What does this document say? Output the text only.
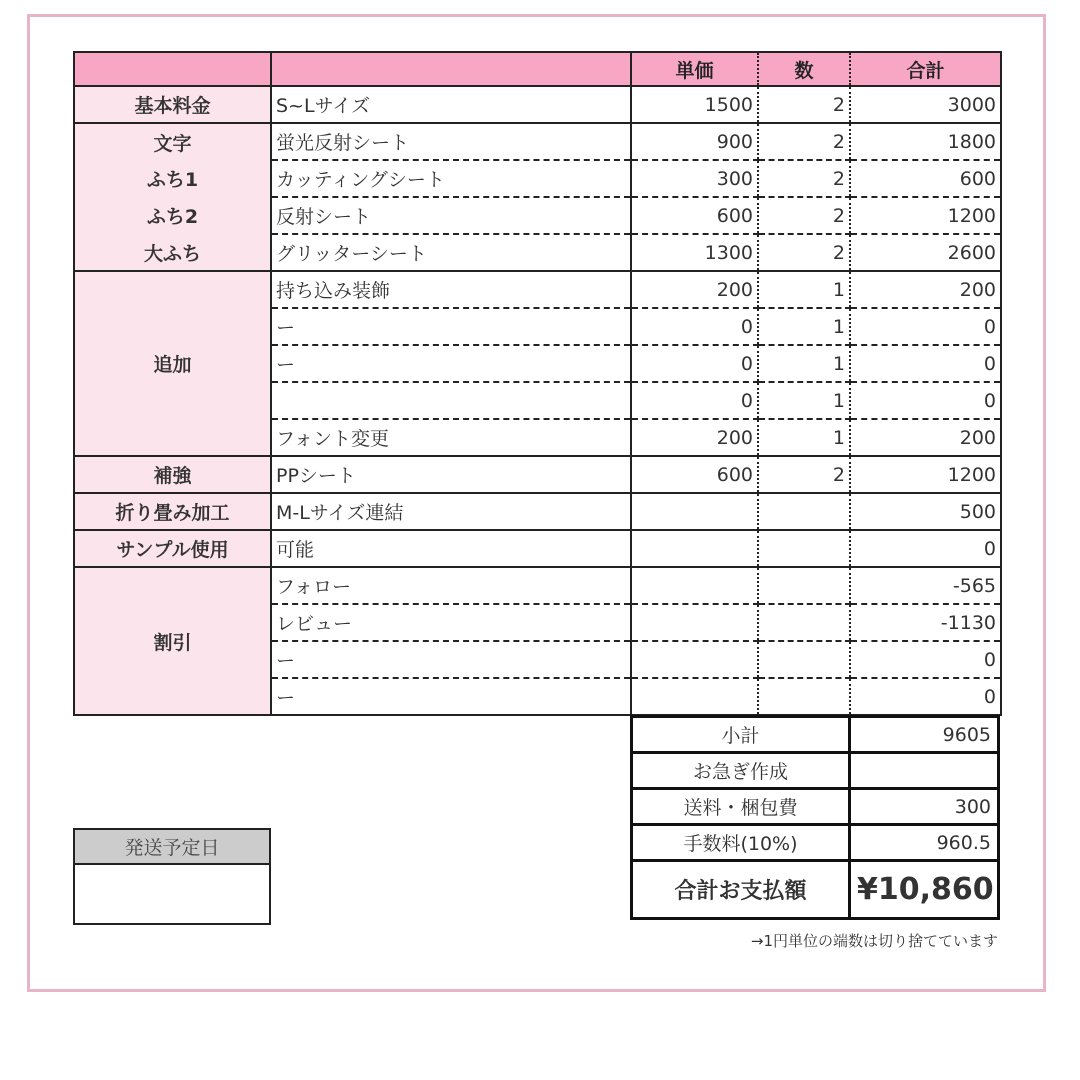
		単価	数	合計
基本料金	S~Lサイズ	1500	2	3000
文字	蛍光反射シート	900	2	1800
ふち1	カッティングシート	300	2	600
ふち2	反射シート	600	2	1200
大ふち	グリッターシート	1300	2	2600
追加	持ち込み装飾	200	1	200
	ー	0	1	0
	ー	0	1	0
		0	1	0
	フォント変更	200	1	200
補強	PPシート	600	2	1200
折り畳み加工	M-Lサイズ連結			500
サンプル使用	可能			0
割引	フォロー			-565
	レビュー			-1130
	ー			0
	ー			0
小計	9605
お急ぎ作成	
送料・梱包費	300
手数料(10%)	960.5
合計お支払額	¥10,860
→1円単位の端数は切り捨てています
発送予定日
